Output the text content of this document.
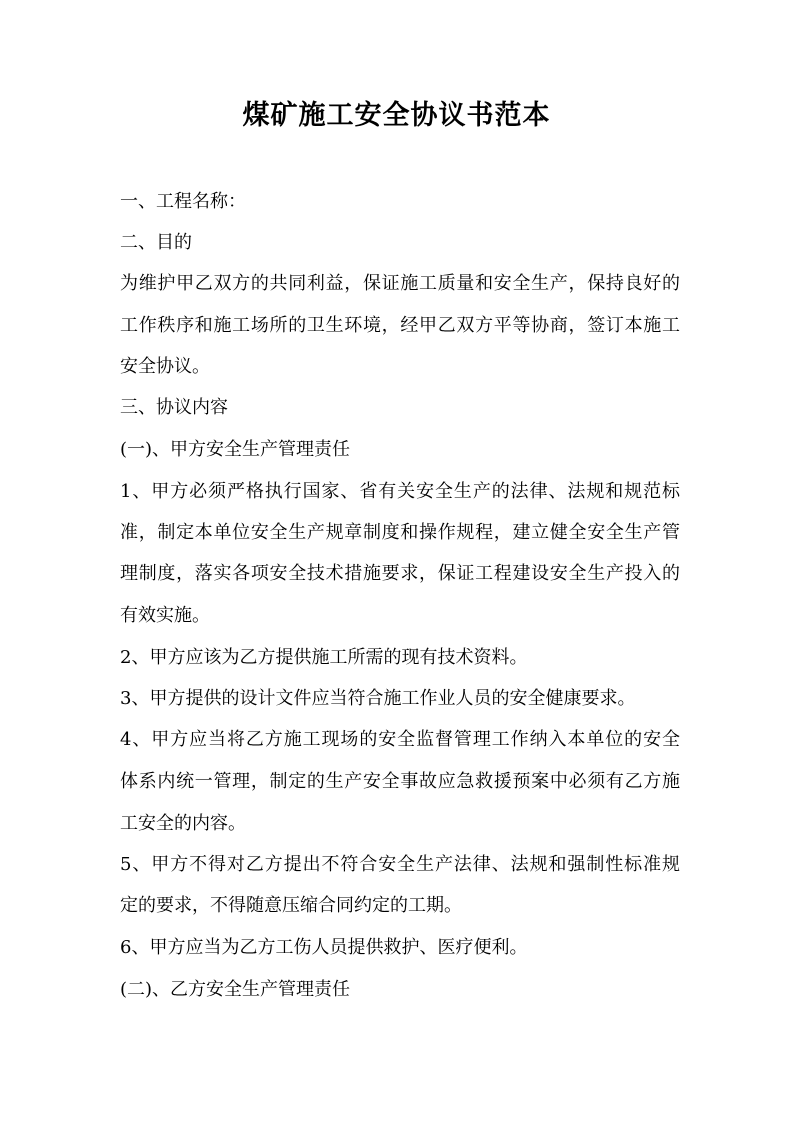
煤矿施工安全协议书范本
一、工程名称：
二、目的
为维护甲乙双方的共同利益，保证施工质量和安全生产，保持良好的
工作秩序和施工场所的卫生环境，经甲乙双方平等协商，签订本施工
安全协议。
三、协议内容
(一)、甲方安全生产管理责任
1、甲方必须严格执行国家、省有关安全生产的法律、法规和规范标
准，制定本单位安全生产规章制度和操作规程，建立健全安全生产管
理制度，落实各项安全技术措施要求，保证工程建设安全生产投入的
有效实施。
2、甲方应该为乙方提供施工所需的现有技术资料。
3、甲方提供的设计文件应当符合施工作业人员的安全健康要求。
4、甲方应当将乙方施工现场的安全监督管理工作纳入本单位的安全
体系内统一管理，制定的生产安全事故应急救援预案中必须有乙方施
工安全的内容。
5、甲方不得对乙方提出不符合安全生产法律、法规和强制性标准规
定的要求，不得随意压缩合同约定的工期。
6、甲方应当为乙方工伤人员提供救护、医疗便利。
(二)、乙方安全生产管理责任
